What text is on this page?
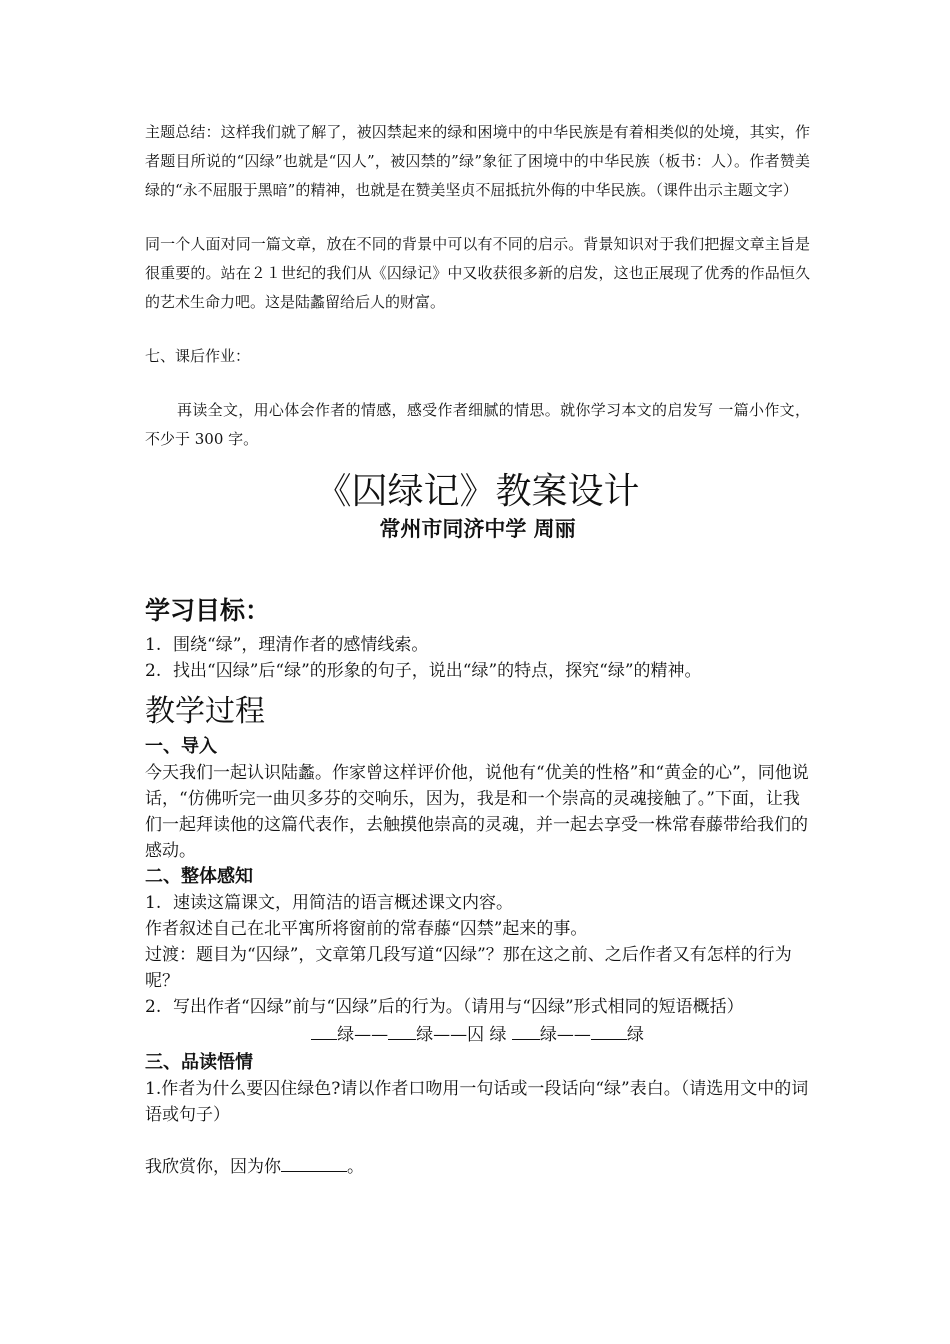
主题总结：这样我们就了解了，被囚禁起来的绿和困境中的中华民族是有着相类似的处境，其实，作者题目所说的“囚绿”也就是“囚人”，被囚禁的”绿”象征了困境中的中华民族（板书：人）。作者赞美绿的“永不屈服于黑暗”的精神，也就是在赞美坚贞不屈抵抗外侮的中华民族。（课件出示主题文字）

同一个人面对同一篇文章，放在不同的背景中可以有不同的启示。背景知识对于我们把握文章主旨是很重要的。站在２１世纪的我们从《囚绿记》中又收获很多新的启发，这也正展现了优秀的作品恒久的艺术生命力吧。这是陆蠡留给后人的财富。

七、课后作业：

再读全文，用心体会作者的情感，感受作者细腻的情思。就你学习本文的启发写 一篇小作文，不少于 300 字。

《囚绿记》教案设计

常州市同济中学 周丽

学习目标：

1. 围绕“绿”，理清作者的感情线索。

2. 找出“囚绿”后“绿”的形象的句子，说出“绿”的特点，探究“绿”的精神。

教学过程
一、导入

今天我们一起认识陆蠡。作家曾这样评价他，说他有“优美的性格”和“黄金的心”，同他说话，“仿佛听完一曲贝多芬的交响乐，因为，我是和一个崇高的灵魂接触了。”下面，让我们一起拜读他的这篇代表作，去触摸他崇高的灵魂，并一起去享受一株常春藤带给我们的感动。

二、整体感知

1. 速读这篇课文，用简洁的语言概述课文内容。

作者叙述自己在北平寓所将窗前的常春藤“囚禁”起来的事。

过渡：题目为“囚绿”，文章第几段写道“囚绿”？那在这之前、之后作者又有怎样的行为呢？

2. 写出作者“囚绿”前与“囚绿”后的行为。（请用与“囚绿”形式相同的短语概括）

绿—— 绿——囚 绿 绿—— 绿

三、品读悟情

1.作者为什么要囚住绿色?请以作者口吻用一句话或一段话向“绿”表白。（请选用文中的词语或句子）

我欣赏你，因为你	。
